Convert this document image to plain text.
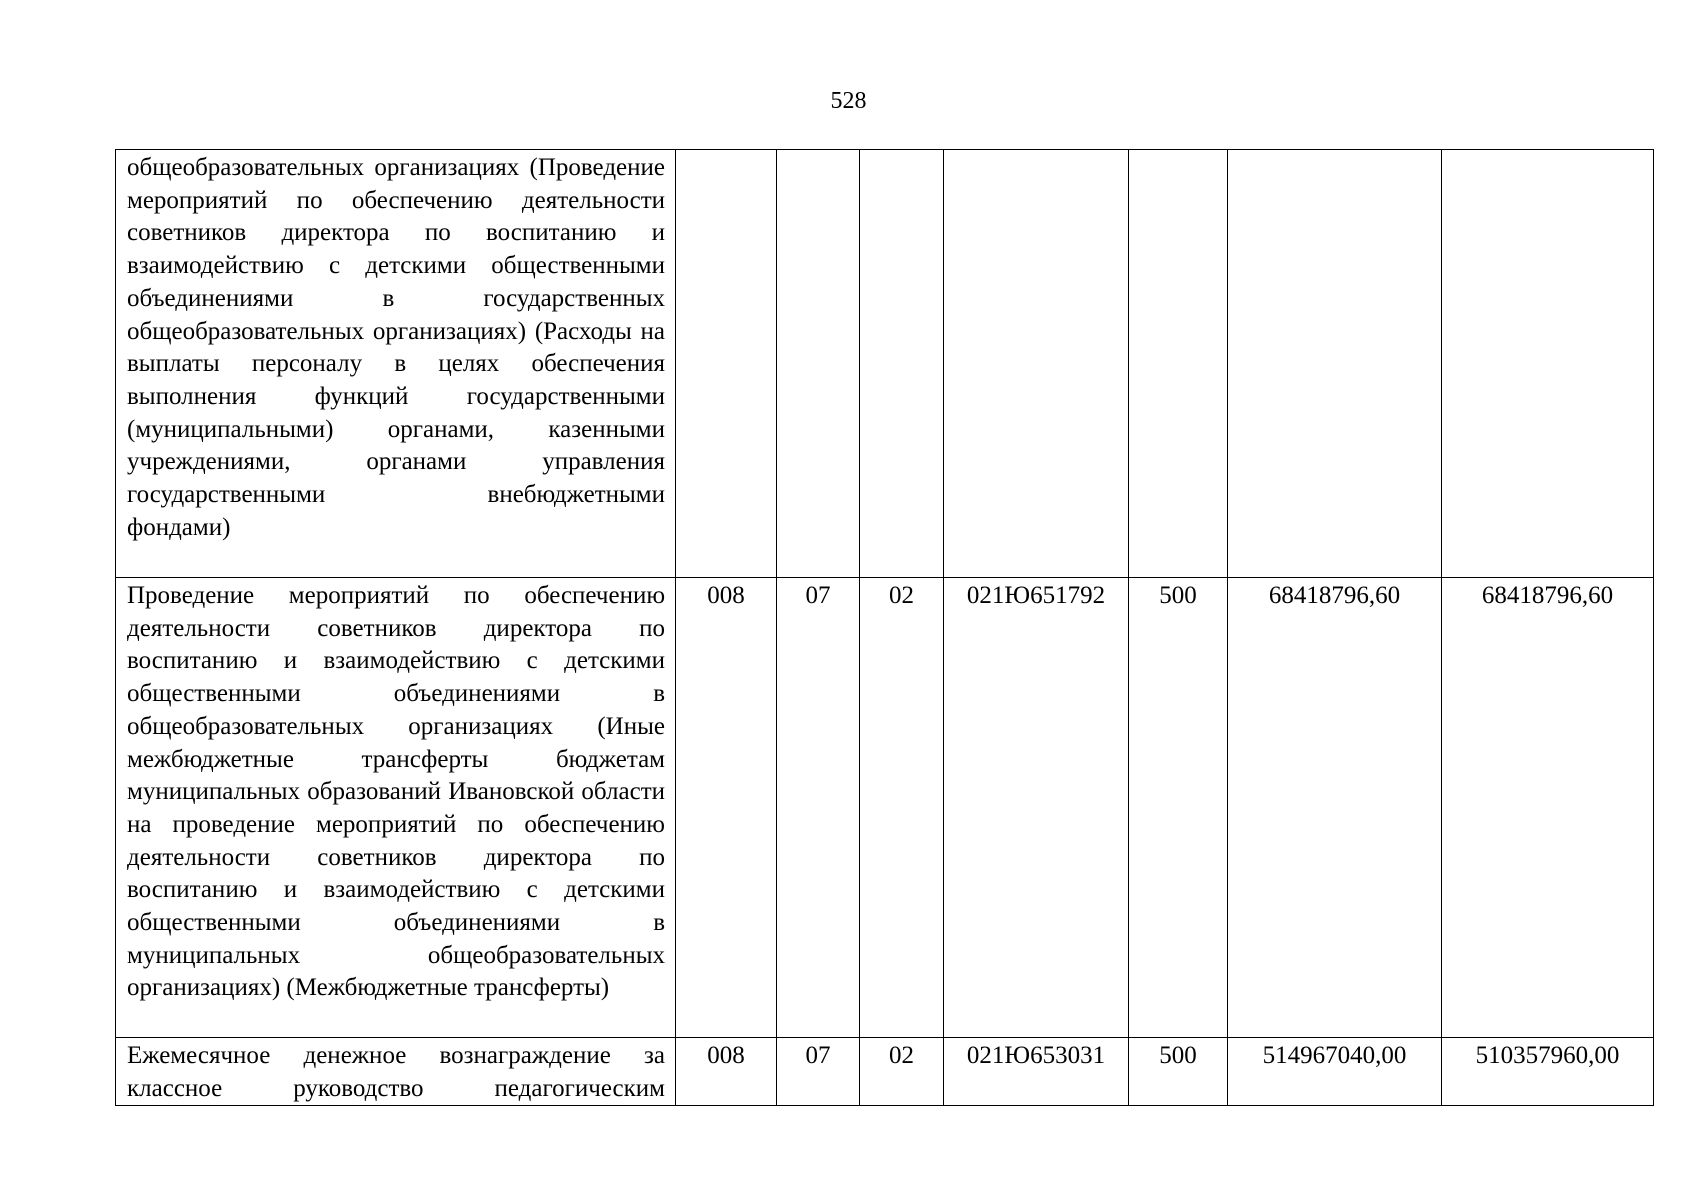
528
общеобразовательных организациях (Проведение мероприятий по обеспечению деятельности советников директора по воспитанию и взаимодействию с детскими общественными объединениями в государственных общеобразовательных организациях) (Расходы на выплаты персоналу в целях обеспечения выполнения функций государственными (муниципальными) органами, казенными учреждениями, органами управления государственными внебюджетными
фондами)							

Проведение мероприятий по обеспечению деятельности советников директора по воспитанию и взаимодействию с детскими общественными объединениями в общеобразовательных организациях (Иные межбюджетные трансферты бюджетам муниципальных образований Ивановской области на проведение мероприятий по обеспечению деятельности советников директора по воспитанию и взаимодействию с детскими общественными объединениями в муниципальных общеобразовательных
организациях) (Межбюджетные трансферты)	008	07	02	021Ю651792	500	68418796,60	68418796,60
Ежемесячное денежное вознаграждение за классное руководство педагогическим	008	07	02	021Ю653031	500	514967040,00	510357960,00
